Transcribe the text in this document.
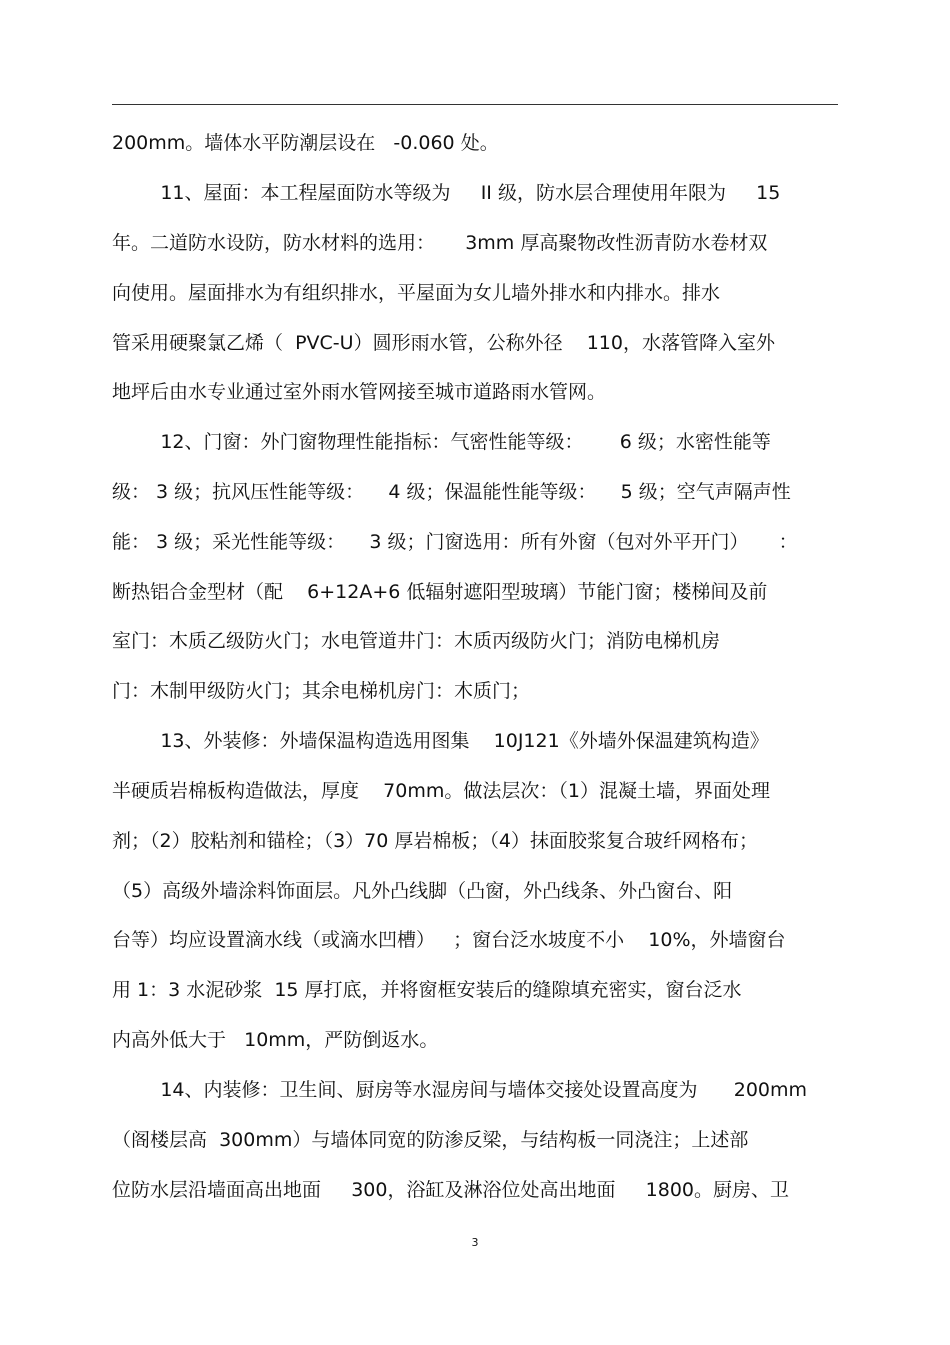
200mm。墙体水平防潮层设在   -0.060 处。
11、屋面：本工程屋面防水等级为     II 级，防水层合理使用年限为     15
年。二道防水设防，防水材料的选用：     3mm 厚高聚物改性沥青防水卷材双
向使用。屋面排水为有组织排水，平屋面为女儿墙外排水和内排水。排水
管采用硬聚氯乙烯（  PVC-U）圆形雨水管，公称外径    110，水落管降入室外
地坪后由水专业通过室外雨水管网接至城市道路雨水管网。
12、门窗：外门窗物理性能指标：气密性能等级：      6 级；水密性能等
级： 3 级；抗风压性能等级：    4 级；保温能性能等级：    5 级；空气声隔声性
能： 3 级；采光性能等级：    3 级；门窗选用：所有外窗（包对外平开门）     ：
断热铝合金型材（配    6+12A+6 低辐射遮阳型玻璃）节能门窗；楼梯间及前
室门：木质乙级防火门；水电管道井门：木质丙级防火门；消防电梯机房
门：木制甲级防火门；其余电梯机房门：木质门；
13、外装修：外墙保温构造选用图集    10J121《外墙外保温建筑构造》
半硬质岩棉板构造做法，厚度    70mm。做法层次：（1）混凝土墙，界面处理
剂；（2）胶粘剂和锚栓；（3）70 厚岩棉板；（4）抹面胶浆复合玻纤网格布；
（5）高级外墙涂料饰面层。凡外凸线脚（凸窗，外凸线条、外凸窗台、阳
台等）均应设置滴水线（或滴水凹槽）   ；窗台泛水坡度不小    10%，外墙窗台
用 1：3 水泥砂浆  15 厚打底，并将窗框安装后的缝隙填充密实，窗台泛水
内高外低大于   10mm，严防倒返水。
14、内装修：卫生间、厨房等水湿房间与墙体交接处设置高度为      200mm
（阁楼层高  300mm）与墙体同宽的防渗反梁，与结构板一同浇注；上述部
位防水层沿墙面高出地面     300，浴缸及淋浴位处高出地面     1800。厨房、卫
3
